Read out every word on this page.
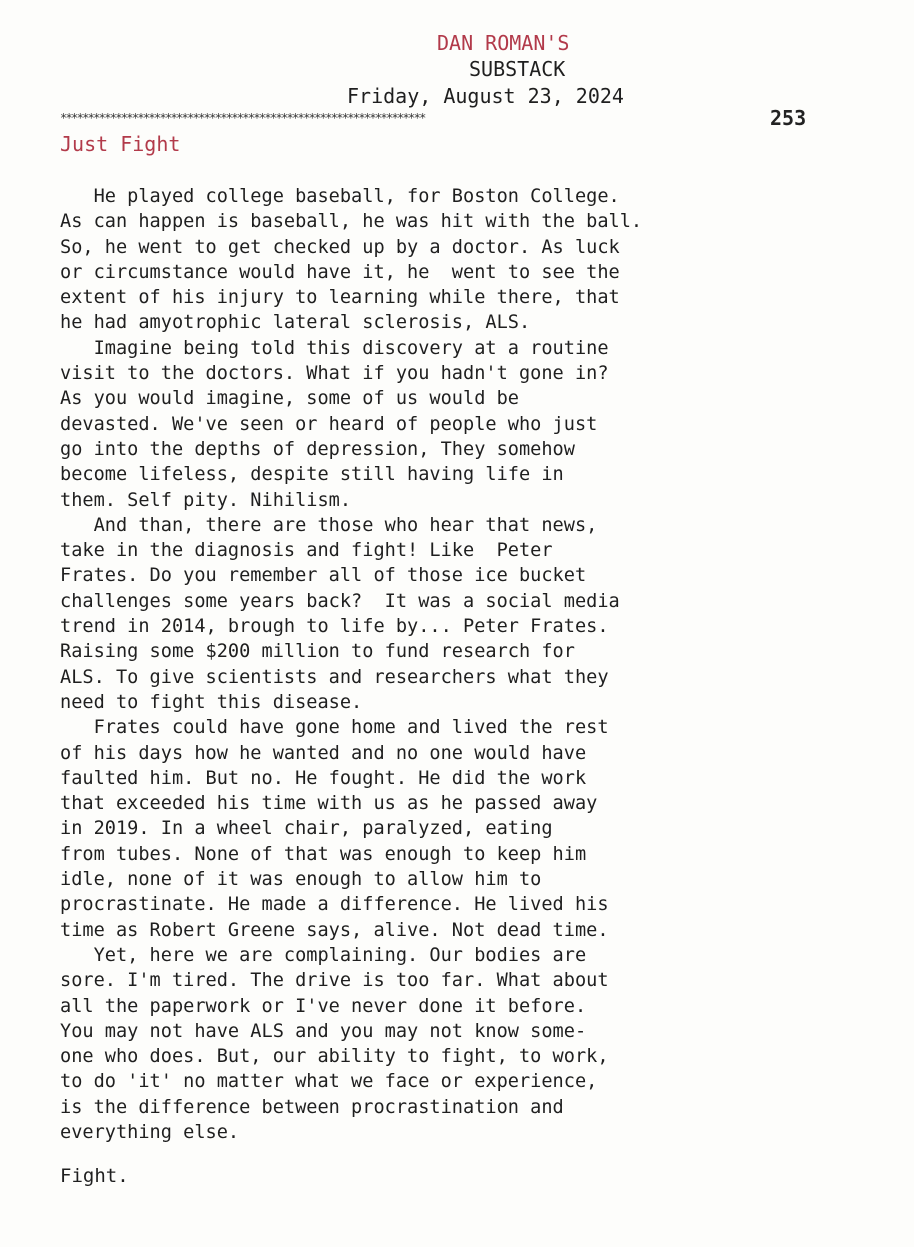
DAN ROMAN'S
SUBSTACK
Friday, August 23, 2024
******************************************************************	253
Just Fight
He played college baseball, for Boston College.
As can happen is baseball, he was hit with the ball.
So, he went to get checked up by a doctor. As luck
or circumstance would have it, he  went to see the
extent of his injury to learning while there, that
he had amyotrophic lateral sclerosis, ALS.
Imagine being told this discovery at a routine
visit to the doctors. What if you hadn't gone in?
As you would imagine, some of us would be
devasted. We've seen or heard of people who just
go into the depths of depression, They somehow
become lifeless, despite still having life in
them. Self pity. Nihilism.
And than, there are those who hear that news,
take in the diagnosis and fight! Like  Peter
Frates. Do you remember all of those ice bucket
challenges some years back?  It was a social media
trend in 2014, brough to life by... Peter Frates.
Raising some $200 million to fund research for
ALS. To give scientists and researchers what they
need to fight this disease.
Frates could have gone home and lived the rest
of his days how he wanted and no one would have
faulted him. But no. He fought. He did the work
that exceeded his time with us as he passed away
in 2019. In a wheel chair, paralyzed, eating
from tubes. None of that was enough to keep him
idle, none of it was enough to allow him to
procrastinate. He made a difference. He lived his
time as Robert Greene says, alive. Not dead time.
Yet, here we are complaining. Our bodies are
sore. I'm tired. The drive is too far. What about
all the paperwork or I've never done it before.
You may not have ALS and you may not know some-
one who does. But, our ability to fight, to work,
to do 'it' no matter what we face or experience,
is the difference between procrastination and
everything else.
Fight.
